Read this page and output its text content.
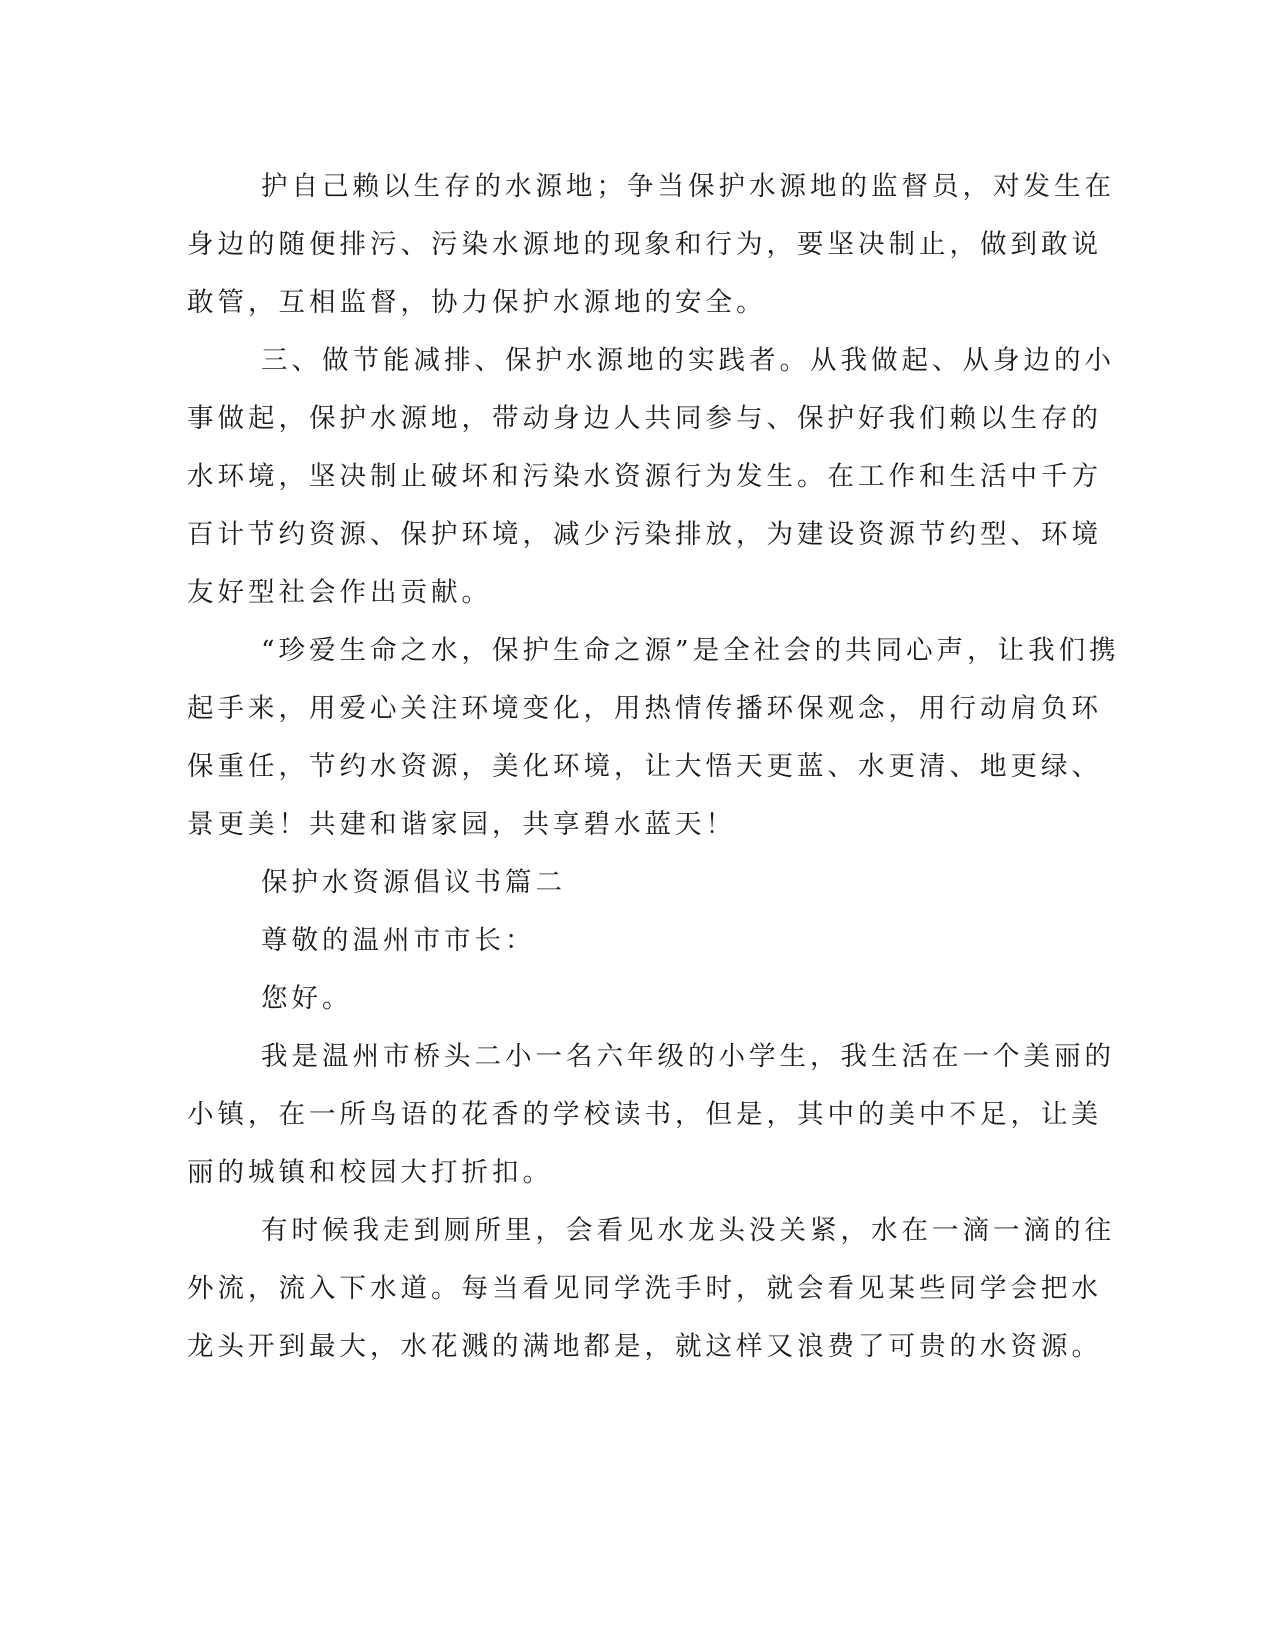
护自己赖以生存的水源地；争当保护水源地的监督员，对发生在
身边的随便排污、污染水源地的现象和行为，要坚决制止，做到敢说
敢管，互相监督，协力保护水源地的安全。

三、做节能减排、保护水源地的实践者。从我做起、从身边的小
事做起，保护水源地，带动身边人共同参与、保护好我们赖以生存的
水环境，坚决制止破坏和污染水资源行为发生。在工作和生活中千方
百计节约资源、保护环境，减少污染排放，为建设资源节约型、环境
友好型社会作出贡献。

“珍爱生命之水，保护生命之源”是全社会的共同心声，让我们携
起手来，用爱心关注环境变化，用热情传播环保观念，用行动肩负环
保重任，节约水资源，美化环境，让大悟天更蓝、水更清、地更绿、
景更美！共建和谐家园，共享碧水蓝天！

保护水资源倡议书篇二

尊敬的温州市市长：

您好。

我是温州市桥头二小一名六年级的小学生，我生活在一个美丽的
小镇，在一所鸟语的花香的学校读书，但是，其中的美中不足，让美
丽的城镇和校园大打折扣。

有时候我走到厕所里，会看见水龙头没关紧，水在一滴一滴的往
外流，流入下水道。每当看见同学洗手时，就会看见某些同学会把水
龙头开到最大，水花溅的满地都是，就这样又浪费了可贵的水资源。
